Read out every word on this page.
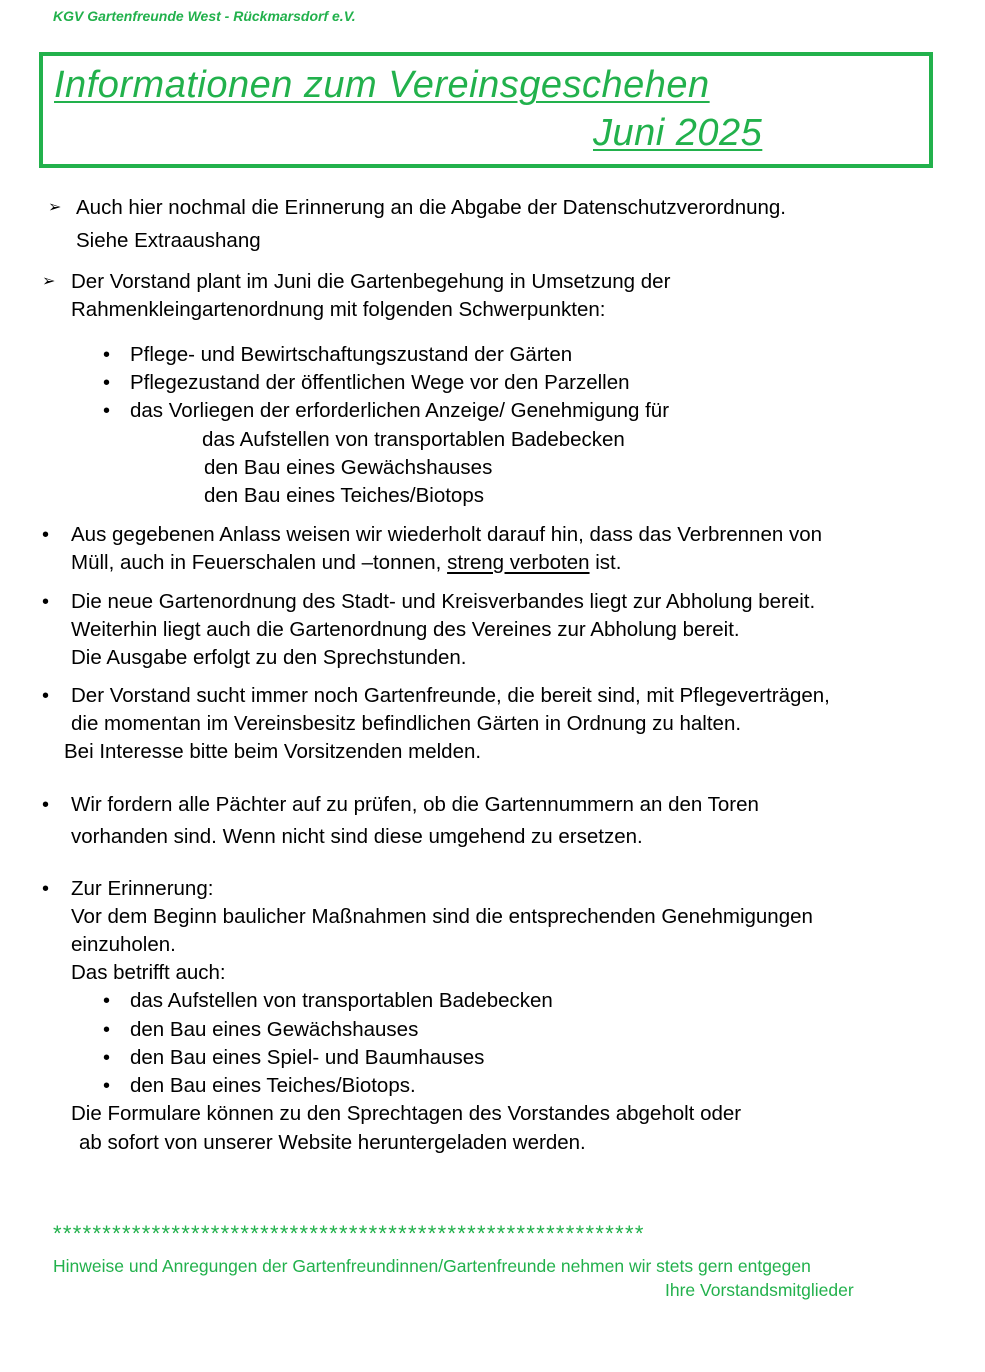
KGV Gartenfreunde West - Rückmarsdorf e.V.
Informationen zum Vereinsgeschehen
Juni 2025
➢ Auch hier nochmal die Erinnerung an die Abgabe der Datenschutzverordnung.
Siehe Extraaushang
➢ Der Vorstand plant im Juni die Gartenbegehung in Umsetzung der
Rahmenkleingartenordnung mit folgenden Schwerpunkten:
• Pflege- und Bewirtschaftungszustand der Gärten
• Pflegezustand der öffentlichen Wege vor den Parzellen
• das Vorliegen der erforderlichen Anzeige/ Genehmigung für
das Aufstellen von transportablen Badebecken
den Bau eines Gewächshauses
den Bau eines Teiches/Biotops
• Aus gegebenen Anlass weisen wir wiederholt darauf hin, dass das Verbrennen von
Müll, auch in Feuerschalen und –tonnen, streng verboten ist.
• Die neue Gartenordnung des Stadt- und Kreisverbandes liegt zur Abholung bereit.
Weiterhin liegt auch die Gartenordnung des Vereines zur Abholung bereit.
Die Ausgabe erfolgt zu den Sprechstunden.
• Der Vorstand sucht immer noch Gartenfreunde, die bereit sind, mit Pflegeverträgen,
die momentan im Vereinsbesitz befindlichen Gärten in Ordnung zu halten.
Bei Interesse bitte beim Vorsitzenden melden.
• Wir fordern alle Pächter auf zu prüfen, ob die Gartennummern an den Toren
vorhanden sind. Wenn nicht sind diese umgehend zu ersetzen.
• Zur Erinnerung:
Vor dem Beginn baulicher Maßnahmen sind die entsprechenden Genehmigungen
einzuholen.
Das betrifft auch:
• das Aufstellen von transportablen Badebecken
• den Bau eines Gewächshauses
• den Bau eines Spiel- und Baumhauses
• den Bau eines Teiches/Biotops.
Die Formulare können zu den Sprechtagen des Vorstandes abgeholt oder
ab sofort von unserer Website heruntergeladen werden.
************************************************************
Hinweise und Anregungen der Gartenfreundinnen/Gartenfreunde nehmen wir stets gern entgegen
Ihre Vorstandsmitglieder
